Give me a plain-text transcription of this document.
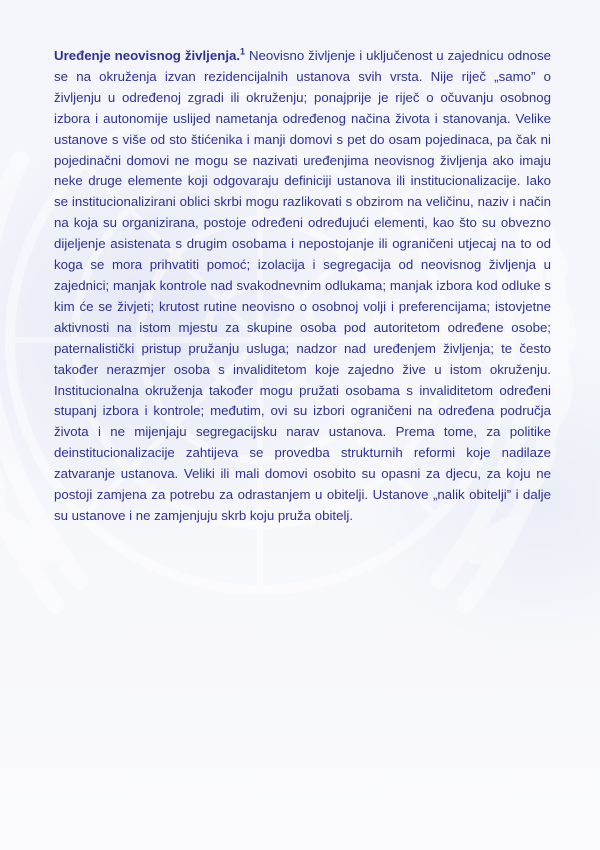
Uređenje neovisnog življenja.$^1$ Neovisno življenje i uključenost u zajednicu odnose se na okruženja izvan rezidencijalnih ustanova svih vrsta. Nije riječ „samo” o življenju u određenoj zgradi ili okruženju; ponajprije je riječ o očuvanju osobnog izbora i autonomije uslijed nametanja određenog načina života i stanovanja. Velike ustanove s više od sto štićenika i manji domovi s pet do osam pojedinaca, pa čak ni pojedinačni domovi ne mogu se nazivati uređenjima neovisnog življenja ako imaju neke druge elemente koji odgovaraju definiciji ustanova ili institucionalizacije. Iako se institucionalizirani oblici skrbi mogu razlikovati s obzirom na veličinu, naziv i način na koja su organizirana, postoje određeni određujući elementi, kao što su obvezno dijeljenje asistenata s drugim osobama i nepostojanje ili ograničeni utjecaj na to od koga se mora prihvatiti pomoć; izolacija i segregacija od neovisnog življenja u zajednici; manjak kontrole nad svakodnevnim odlukama; manjak izbora kod odluke s kim će se živjeti; krutost rutine neovisno o osobnoj volji i preferencijama; istovjetne aktivnosti na istom mjestu za skupine osoba pod autoritetom određene osobe; paternalistički pristup pružanju usluga; nadzor nad uređenjem življenja; te često također nerazmjer osoba s invaliditetom koje zajedno žive u istom okruženju. Institucionalna okruženja također mogu pružati osobama s invaliditetom određeni stupanj izbora i kontrole; međutim, ovi su izbori ograničeni na određena područja života i ne mijenjaju segregacijsku narav ustanova. Prema tome, za politike deinstitucionalizacije zahtijeva se provedba strukturnih reformi koje nadilaze zatvaranje ustanova. Veliki ili mali domovi osobito su opasni za djecu, za koju ne postoji zamjena za potrebu za odrastanjem u obitelji. Ustanove „nalik obitelji” i dalje su ustanove i ne zamjenjuju skrb koju pruža obitelj.
